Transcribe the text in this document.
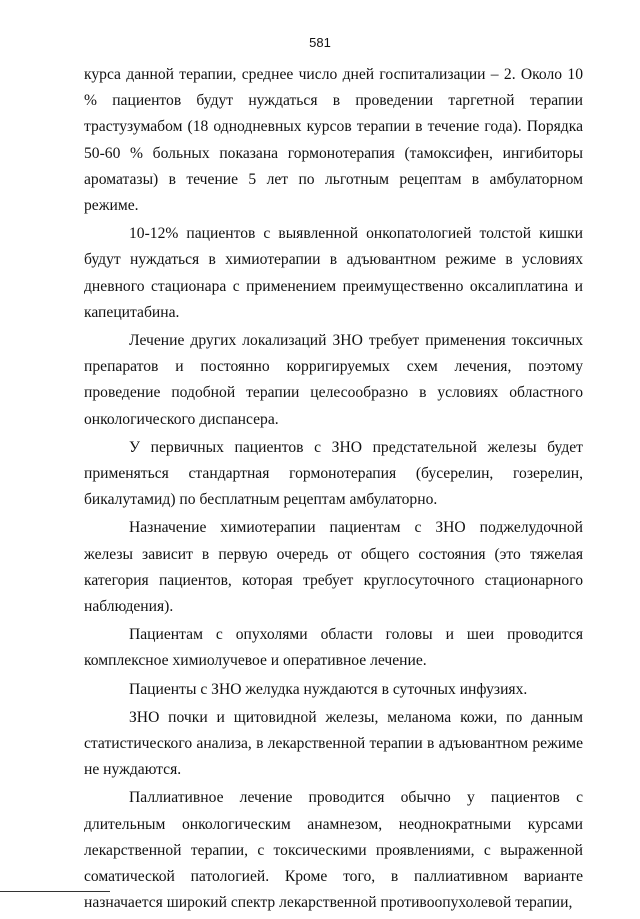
581

курса данной терапии, среднее число дней госпитализации – 2. Около 10 % пациентов будут нуждаться в проведении таргетной терапии трастузумабом (18 однодневных курсов терапии в течение года). Порядка 50-60 % больных показана гормонотерапия (тамоксифен, ингибиторы ароматазы) в течение 5 лет по льготным рецептам в амбулаторном режиме.

10-12% пациентов с выявленной онкопатологией толстой кишки будут нуждаться в химиотерапии в адъювантном режиме в условиях дневного стационара с применением преимущественно оксалиплатина и капецитабина.

Лечение других локализаций ЗНО требует применения токсичных препаратов и постоянно корригируемых схем лечения, поэтому проведение подобной терапии целесообразно в условиях областного онкологического диспансера.

У первичных пациентов с ЗНО предстательной железы будет применяться стандартная гормонотерапия (бусерелин, гозерелин, бикалутамид) по бесплатным рецептам амбулаторно.

Назначение химиотерапии пациентам с ЗНО поджелудочной железы зависит в первую очередь от общего состояния (это тяжелая категория пациентов, которая требует круглосуточного стационарного наблюдения).

Пациентам с опухолями области головы и шеи проводится комплексное химиолучевое и оперативное лечение.

Пациенты с ЗНО желудка нуждаются в суточных инфузиях.

ЗНО почки и щитовидной железы, меланома кожи, по данным статистического анализа, в лекарственной терапии в адъювантном режиме не нуждаются.

Паллиативное лечение проводится обычно у пациентов с длительным онкологическим анамнезом, неоднократными курсами лекарственной терапии, с токсическими проявлениями, с выраженной соматической патологией. Кроме того, в паллиативном варианте назначается широкий спектр лекарственной противоопухолевой терапии,
